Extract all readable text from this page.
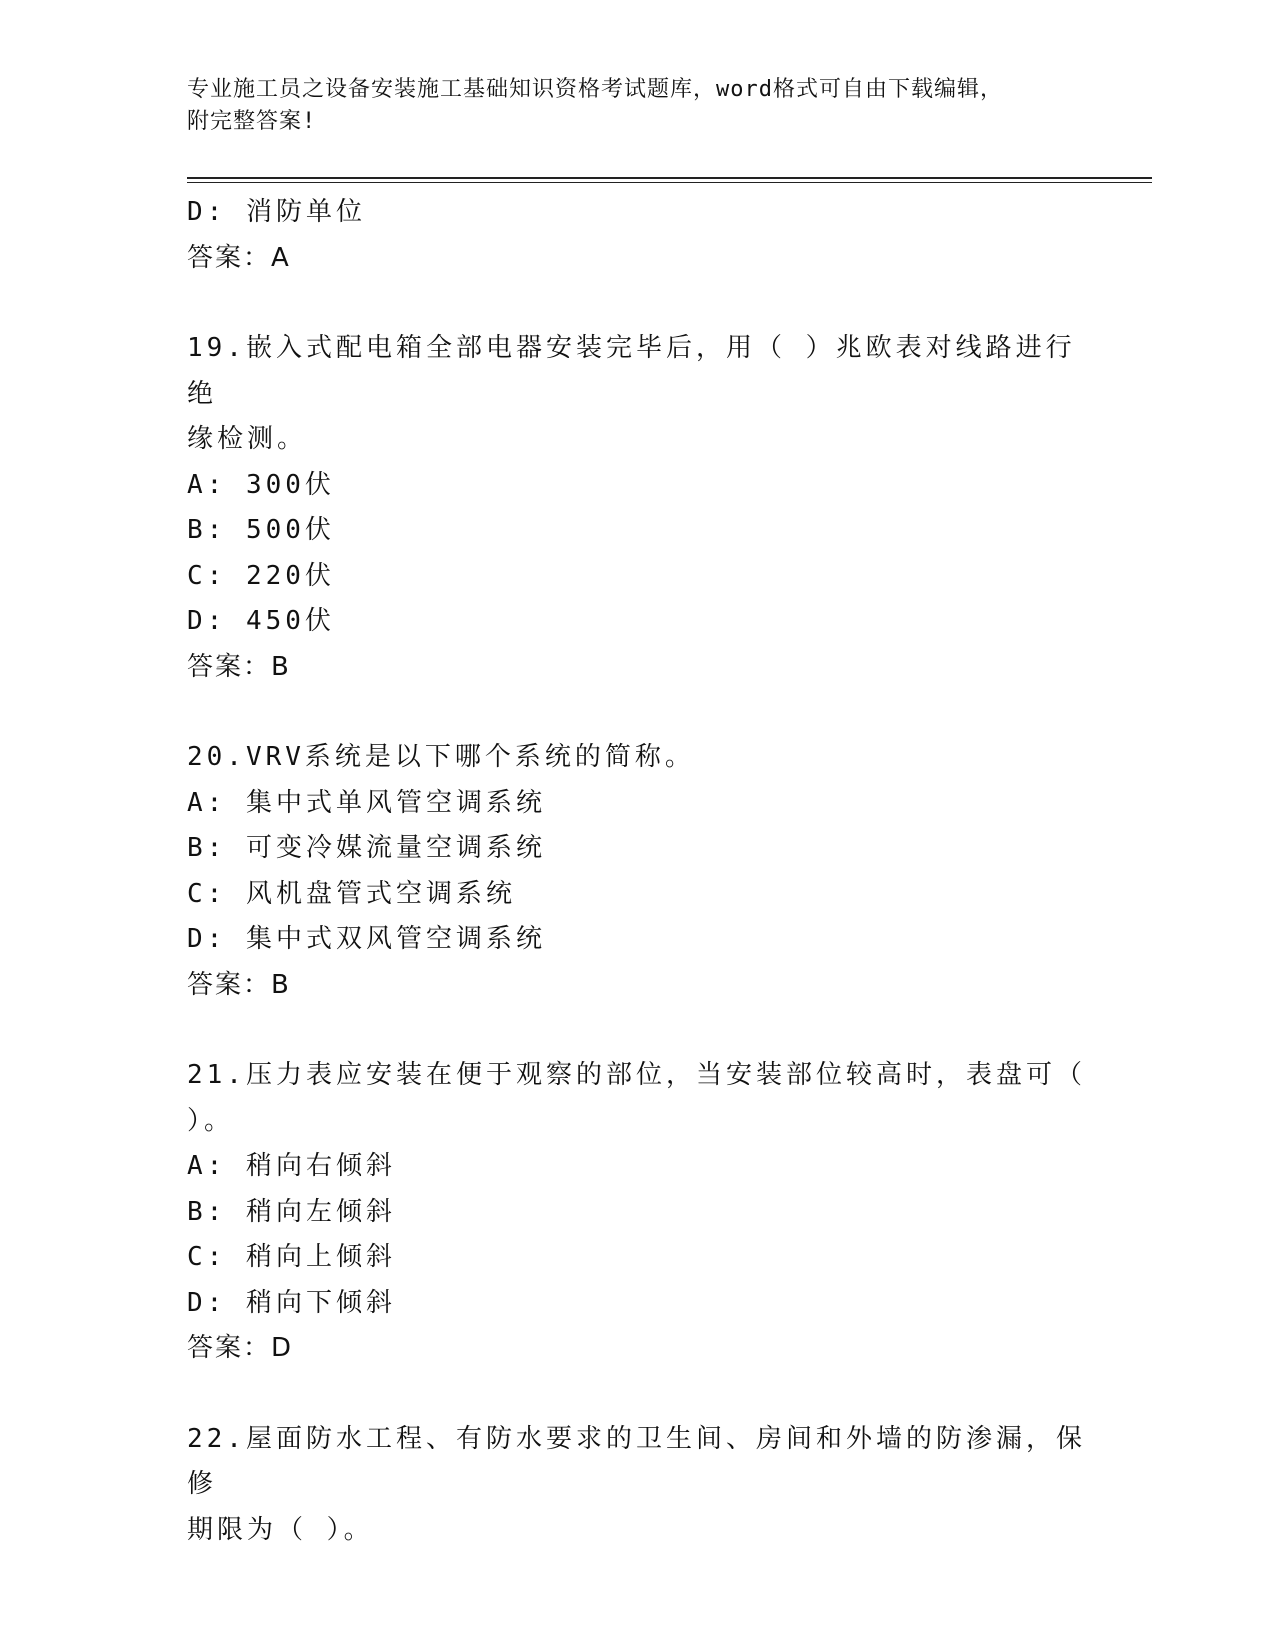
专业施工员之设备安装施工基础知识资格考试题库，word格式可自由下载编辑，
附完整答案!
D: 消防单位
答案：A
19.嵌入式配电箱全部电器安装完毕后，用（ ）兆欧表对线路进行绝
缘检测。
A: 300伏
B: 500伏
C: 220伏
D: 450伏
答案：B
20.VRV系统是以下哪个系统的简称。
A: 集中式单风管空调系统
B: 可变冷媒流量空调系统
C: 风机盘管式空调系统
D: 集中式双风管空调系统
答案：B
21.压力表应安装在便于观察的部位，当安装部位较高时，表盘可（
）。
A: 稍向右倾斜
B: 稍向左倾斜
C: 稍向上倾斜
D: 稍向下倾斜
答案：D
22.屋面防水工程、有防水要求的卫生间、房间和外墙的防渗漏，保修
期限为（ ）。
